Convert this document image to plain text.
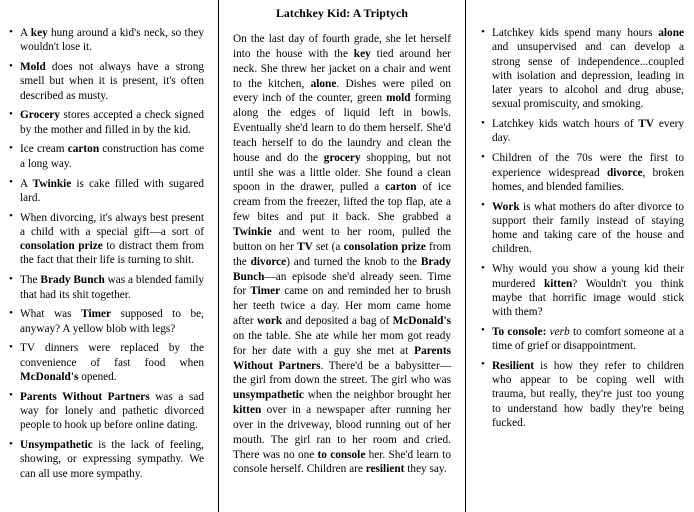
• A key hung around a kid's neck, so they wouldn't lose it.
• Mold does not always have a strong smell but when it is present, it's often described as musty.
• Grocery stores accepted a check signed by the mother and filled in by the kid.
• Ice cream carton construction has come a long way.
• A Twinkie is cake filled with sugared lard.
• When divorcing, it's always best present a child with a special gift—a sort of consolation prize to distract them from the fact that their life is turning to shit.
• The Brady Bunch was a blended family that had its shit together.
• What was Timer supposed to be, anyway? A yellow blob with legs?
• TV dinners were replaced by the convenience of fast food when McDonald's opened.
• Parents Without Partners was a sad way for lonely and pathetic divorced people to hook up before online dating.
• Unsympathetic is the lack of feeling, showing, or expressing sympathy. We can all use more sympathy.
Latchkey Kid: A Triptych

On the last day of fourth grade, she let herself into the house with the key tied around her neck. She threw her jacket on a chair and went to the kitchen, alone. Dishes were piled on every inch of the counter, green mold forming along the edges of liquid left in bowls. Eventually she'd learn to do them herself. She'd teach herself to do the laundry and clean the house and do the grocery shopping, but not until she was a little older. She found a clean spoon in the drawer, pulled a carton of ice cream from the freezer, lifted the top flap, ate a few bites and put it back. She grabbed a Twinkie and went to her room, pulled the button on her TV set (a consolation prize from the divorce) and turned the knob to the Brady Bunch—an episode she'd already seen. Time for Timer came on and reminded her to brush her teeth twice a day. Her mom came home after work and deposited a bag of McDonald's on the table. She ate while her mom got ready for her date with a guy she met at Parents Without Partners. There'd be a babysitter—the girl from down the street. The girl who was unsympathetic when the neighbor brought her kitten over in a newspaper after running her over in the driveway, blood running out of her mouth. The girl ran to her room and cried. There was no one to console her. She'd learn to console herself. Children are resilient they say.

• Latchkey kids spend many hours alone and unsupervised and can develop a strong sense of independence...coupled with isolation and depression, leading in later years to alcohol and drug abuse, sexual promiscuity, and smoking.
• Latchkey kids watch hours of TV every day.
• Children of the 70s were the first to experience widespread divorce, broken homes, and blended families.
• Work is what mothers do after divorce to support their family instead of staying home and taking care of the house and children.
• Why would you show a young kid their murdered kitten? Wouldn't you think maybe that horrific image would stick with them?
• To console: verb to comfort someone at a time of grief or disappointment.
• Resilient is how they refer to children who appear to be coping well with trauma, but really, they're just too young to understand how badly they're being fucked.
